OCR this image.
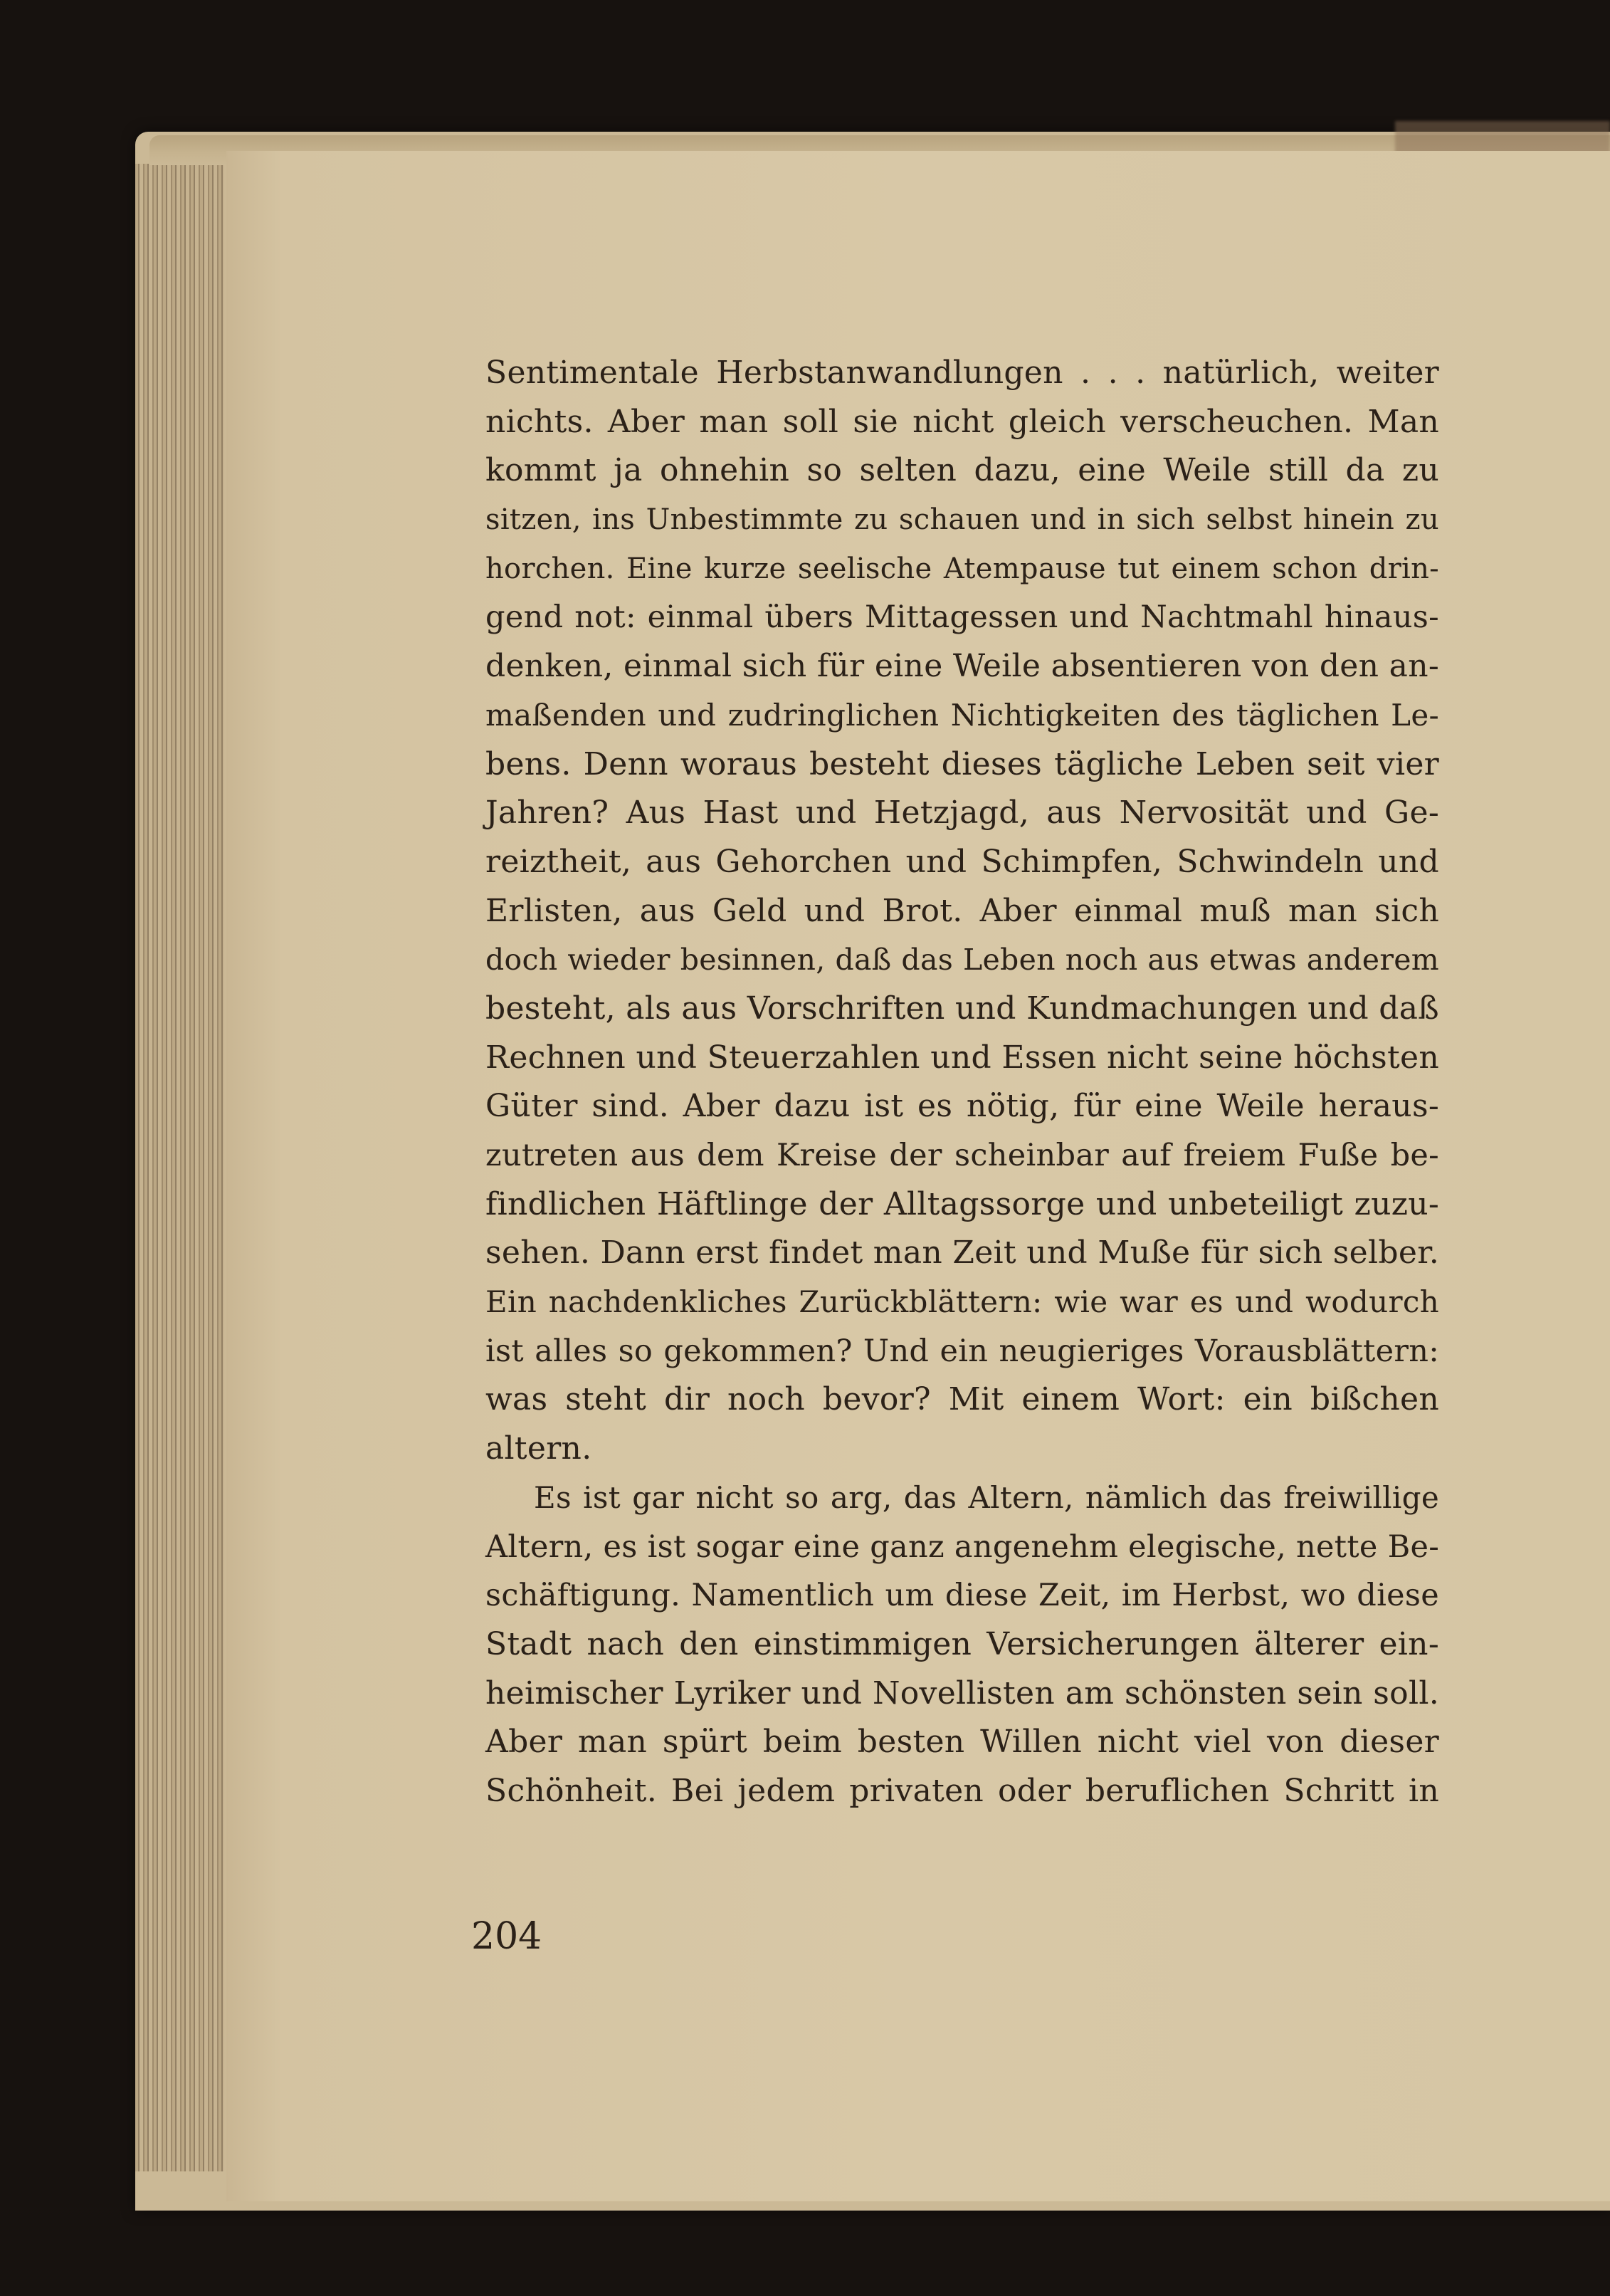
Sentimentale Herbstanwandlungen . . . natürlich, weiter
nichts. Aber man soll sie nicht gleich verscheuchen. Man
kommt ja ohnehin so selten dazu, eine Weile still da zu
sitzen, ins Unbestimmte zu schauen und in sich selbst hinein zu
horchen. Eine kurze seelische Atempause tut einem schon drin-
gend not: einmal übers Mittagessen und Nachtmahl hinaus-
denken, einmal sich für eine Weile absentieren von den an-
maßenden und zudringlichen Nichtigkeiten des täglichen Le-
bens. Denn woraus besteht dieses tägliche Leben seit vier
Jahren? Aus Hast und Hetzjagd, aus Nervosität und Ge-
reiztheit, aus Gehorchen und Schimpfen, Schwindeln und
Erlisten, aus Geld und Brot. Aber einmal muß man sich
doch wieder besinnen, daß das Leben noch aus etwas anderem
besteht, als aus Vorschriften und Kundmachungen und daß
Rechnen und Steuerzahlen und Essen nicht seine höchsten
Güter sind. Aber dazu ist es nötig, für eine Weile heraus-
zutreten aus dem Kreise der scheinbar auf freiem Fuße be-
findlichen Häftlinge der Alltagssorge und unbeteiligt zuzu-
sehen. Dann erst findet man Zeit und Muße für sich selber.
Ein nachdenkliches Zurückblättern: wie war es und wodurch
ist alles so gekommen? Und ein neugieriges Vorausblättern:
was steht dir noch bevor? Mit einem Wort: ein bißchen
altern.
Es ist gar nicht so arg, das Altern, nämlich das freiwillige
Altern, es ist sogar eine ganz angenehm elegische, nette Be-
schäftigung. Namentlich um diese Zeit, im Herbst, wo diese
Stadt nach den einstimmigen Versicherungen älterer ein-
heimischer Lyriker und Novellisten am schönsten sein soll.
Aber man spürt beim besten Willen nicht viel von dieser
Schönheit. Bei jedem privaten oder beruflichen Schritt in
204
